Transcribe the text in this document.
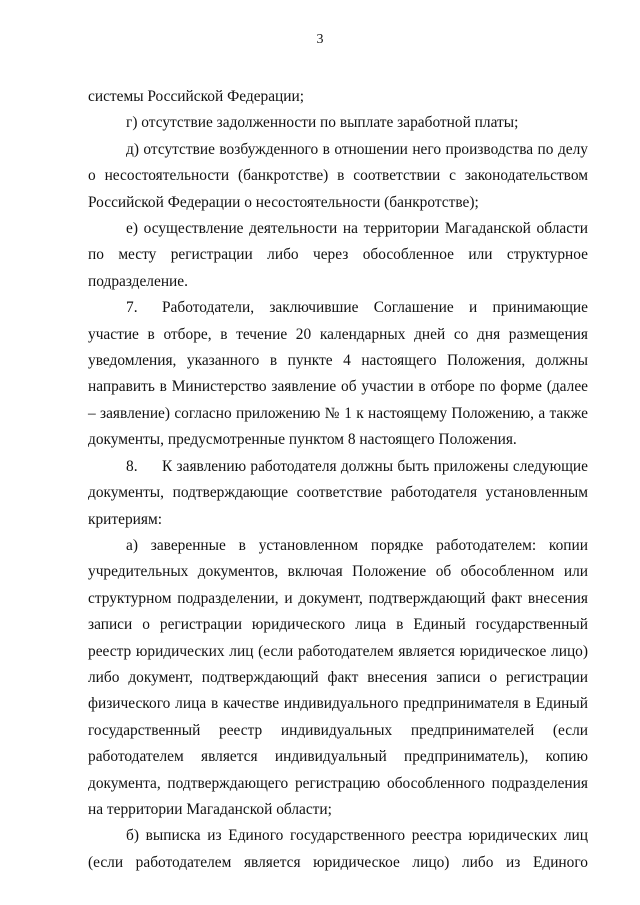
3

системы Российской Федерации;

г) отсутствие задолженности по выплате заработной платы;

д) отсутствие возбужденного в отношении него производства по делу о несостоятельности (банкротстве) в соответствии с законодательством Российской Федерации о несостоятельности (банкротстве);

е) осуществление деятельности на территории Магаданской области по месту регистрации либо через обособленное или структурное подразделение.

7. Работодатели, заключившие Соглашение и принимающие участие в отборе, в течение 20 календарных дней со дня размещения уведомления, указанного в пункте 4 настоящего Положения, должны направить в Министерство заявление об участии в отборе по форме (далее – заявление) согласно приложению № 1 к настоящему Положению, а также документы, предусмотренные пунктом 8 настоящего Положения.

8. К заявлению работодателя должны быть приложены следующие документы, подтверждающие соответствие работодателя установленным критериям:

а) заверенные в установленном порядке работодателем: копии учредительных документов, включая Положение об обособленном или структурном подразделении, и документ, подтверждающий факт внесения записи о регистрации юридического лица в Единый государственный реестр юридических лиц (если работодателем является юридическое лицо) либо документ, подтверждающий факт внесения записи о регистрации физического лица в качестве индивидуального предпринимателя в Единый государственный реестр индивидуальных предпринимателей (если работодателем является индивидуальный предприниматель), копию документа, подтверждающего регистрацию обособленного подразделения на территории Магаданской области;

б) выписка из Единого государственного реестра юридических лиц (если работодателем является юридическое лицо) либо из Единого
